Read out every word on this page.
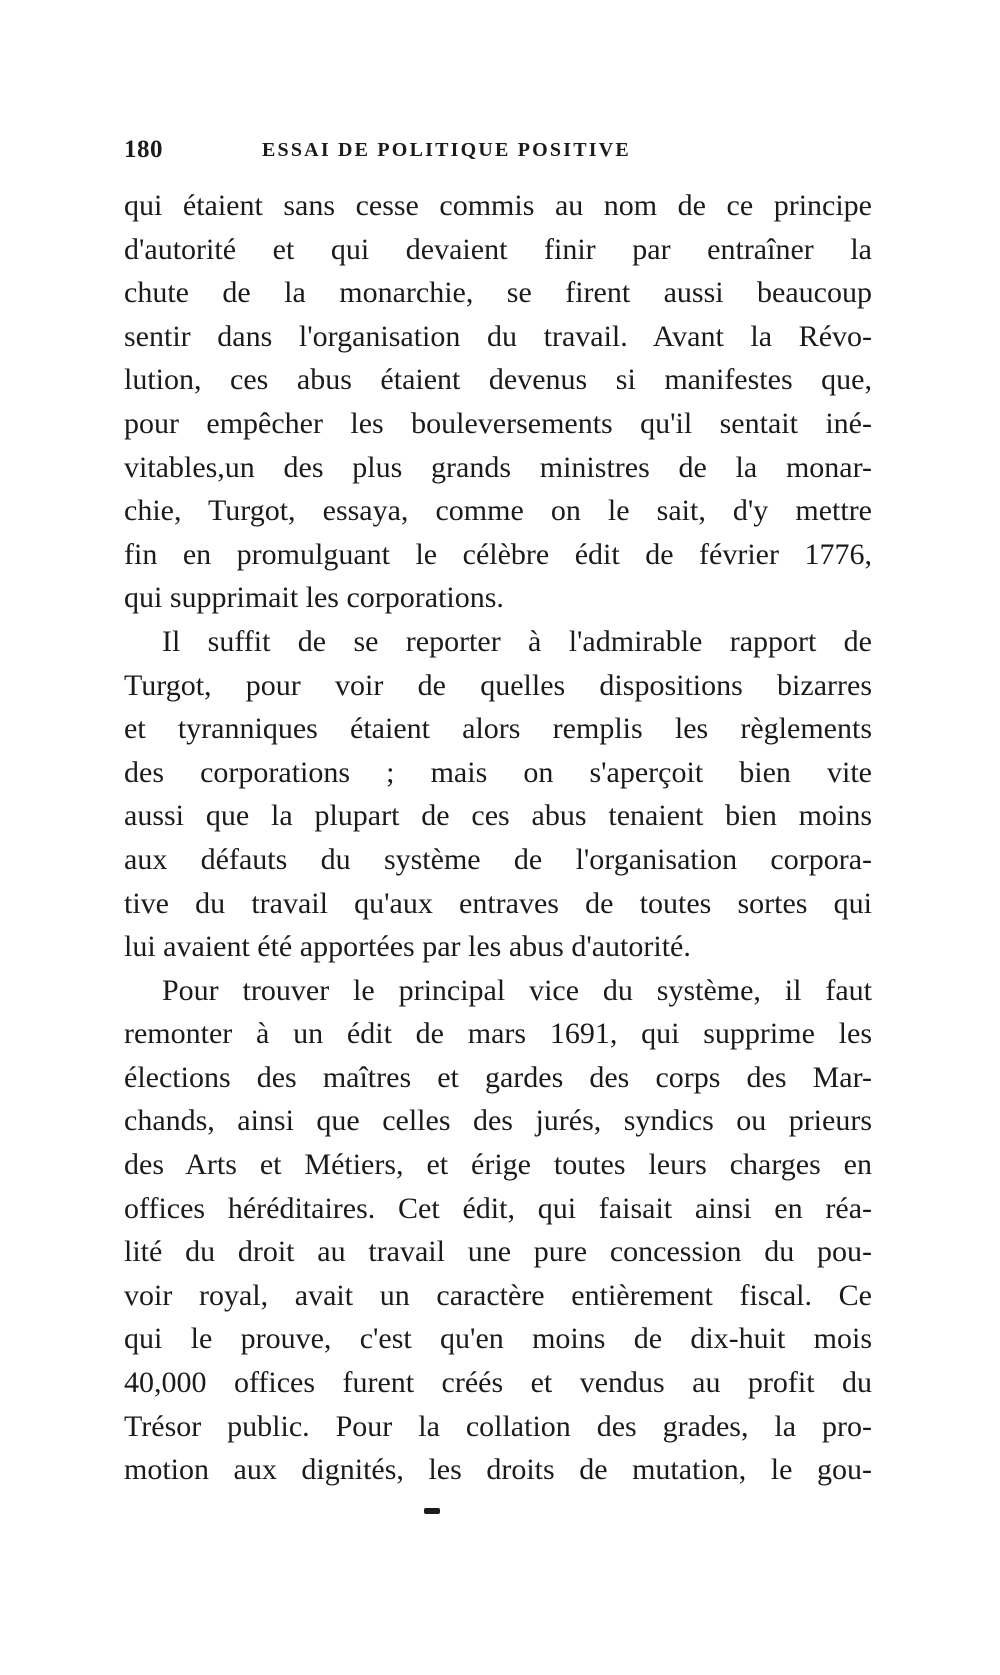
180	ESSAI DE POLITIQUE POSITIVE
qui étaient sans cesse commis au nom de ce principe
d'autorité et qui devaient finir par entraîner la
chute de la monarchie, se firent aussi beaucoup
sentir dans l'organisation du travail. Avant la Révo-
lution, ces abus étaient devenus si manifestes que,
pour empêcher les bouleversements qu'il sentait iné-
vitables,un des plus grands ministres de la monar-
chie, Turgot, essaya, comme on le sait, d'y mettre
fin en promulguant le célèbre édit de février 1776,
qui supprimait les corporations.
Il suffit de se reporter à l'admirable rapport de
Turgot, pour voir de quelles dispositions bizarres
et tyranniques étaient alors remplis les règlements
des corporations ; mais on s'aperçoit bien vite
aussi que la plupart de ces abus tenaient bien moins
aux défauts du système de l'organisation corpora-
tive du travail qu'aux entraves de toutes sortes qui
lui avaient été apportées par les abus d'autorité.
Pour trouver le principal vice du système, il faut
remonter à un édit de mars 1691, qui supprime les
élections des maîtres et gardes des corps des Mar-
chands, ainsi que celles des jurés, syndics ou prieurs
des Arts et Métiers, et érige toutes leurs charges en
offices héréditaires. Cet édit, qui faisait ainsi en réa-
lité du droit au travail une pure concession du pou-
voir royal, avait un caractère entièrement fiscal. Ce
qui le prouve, c'est qu'en moins de dix-huit mois
40,000 offices furent créés et vendus au profit du
Trésor public. Pour la collation des grades, la pro-
motion aux dignités, les droits de mutation, le gou-
